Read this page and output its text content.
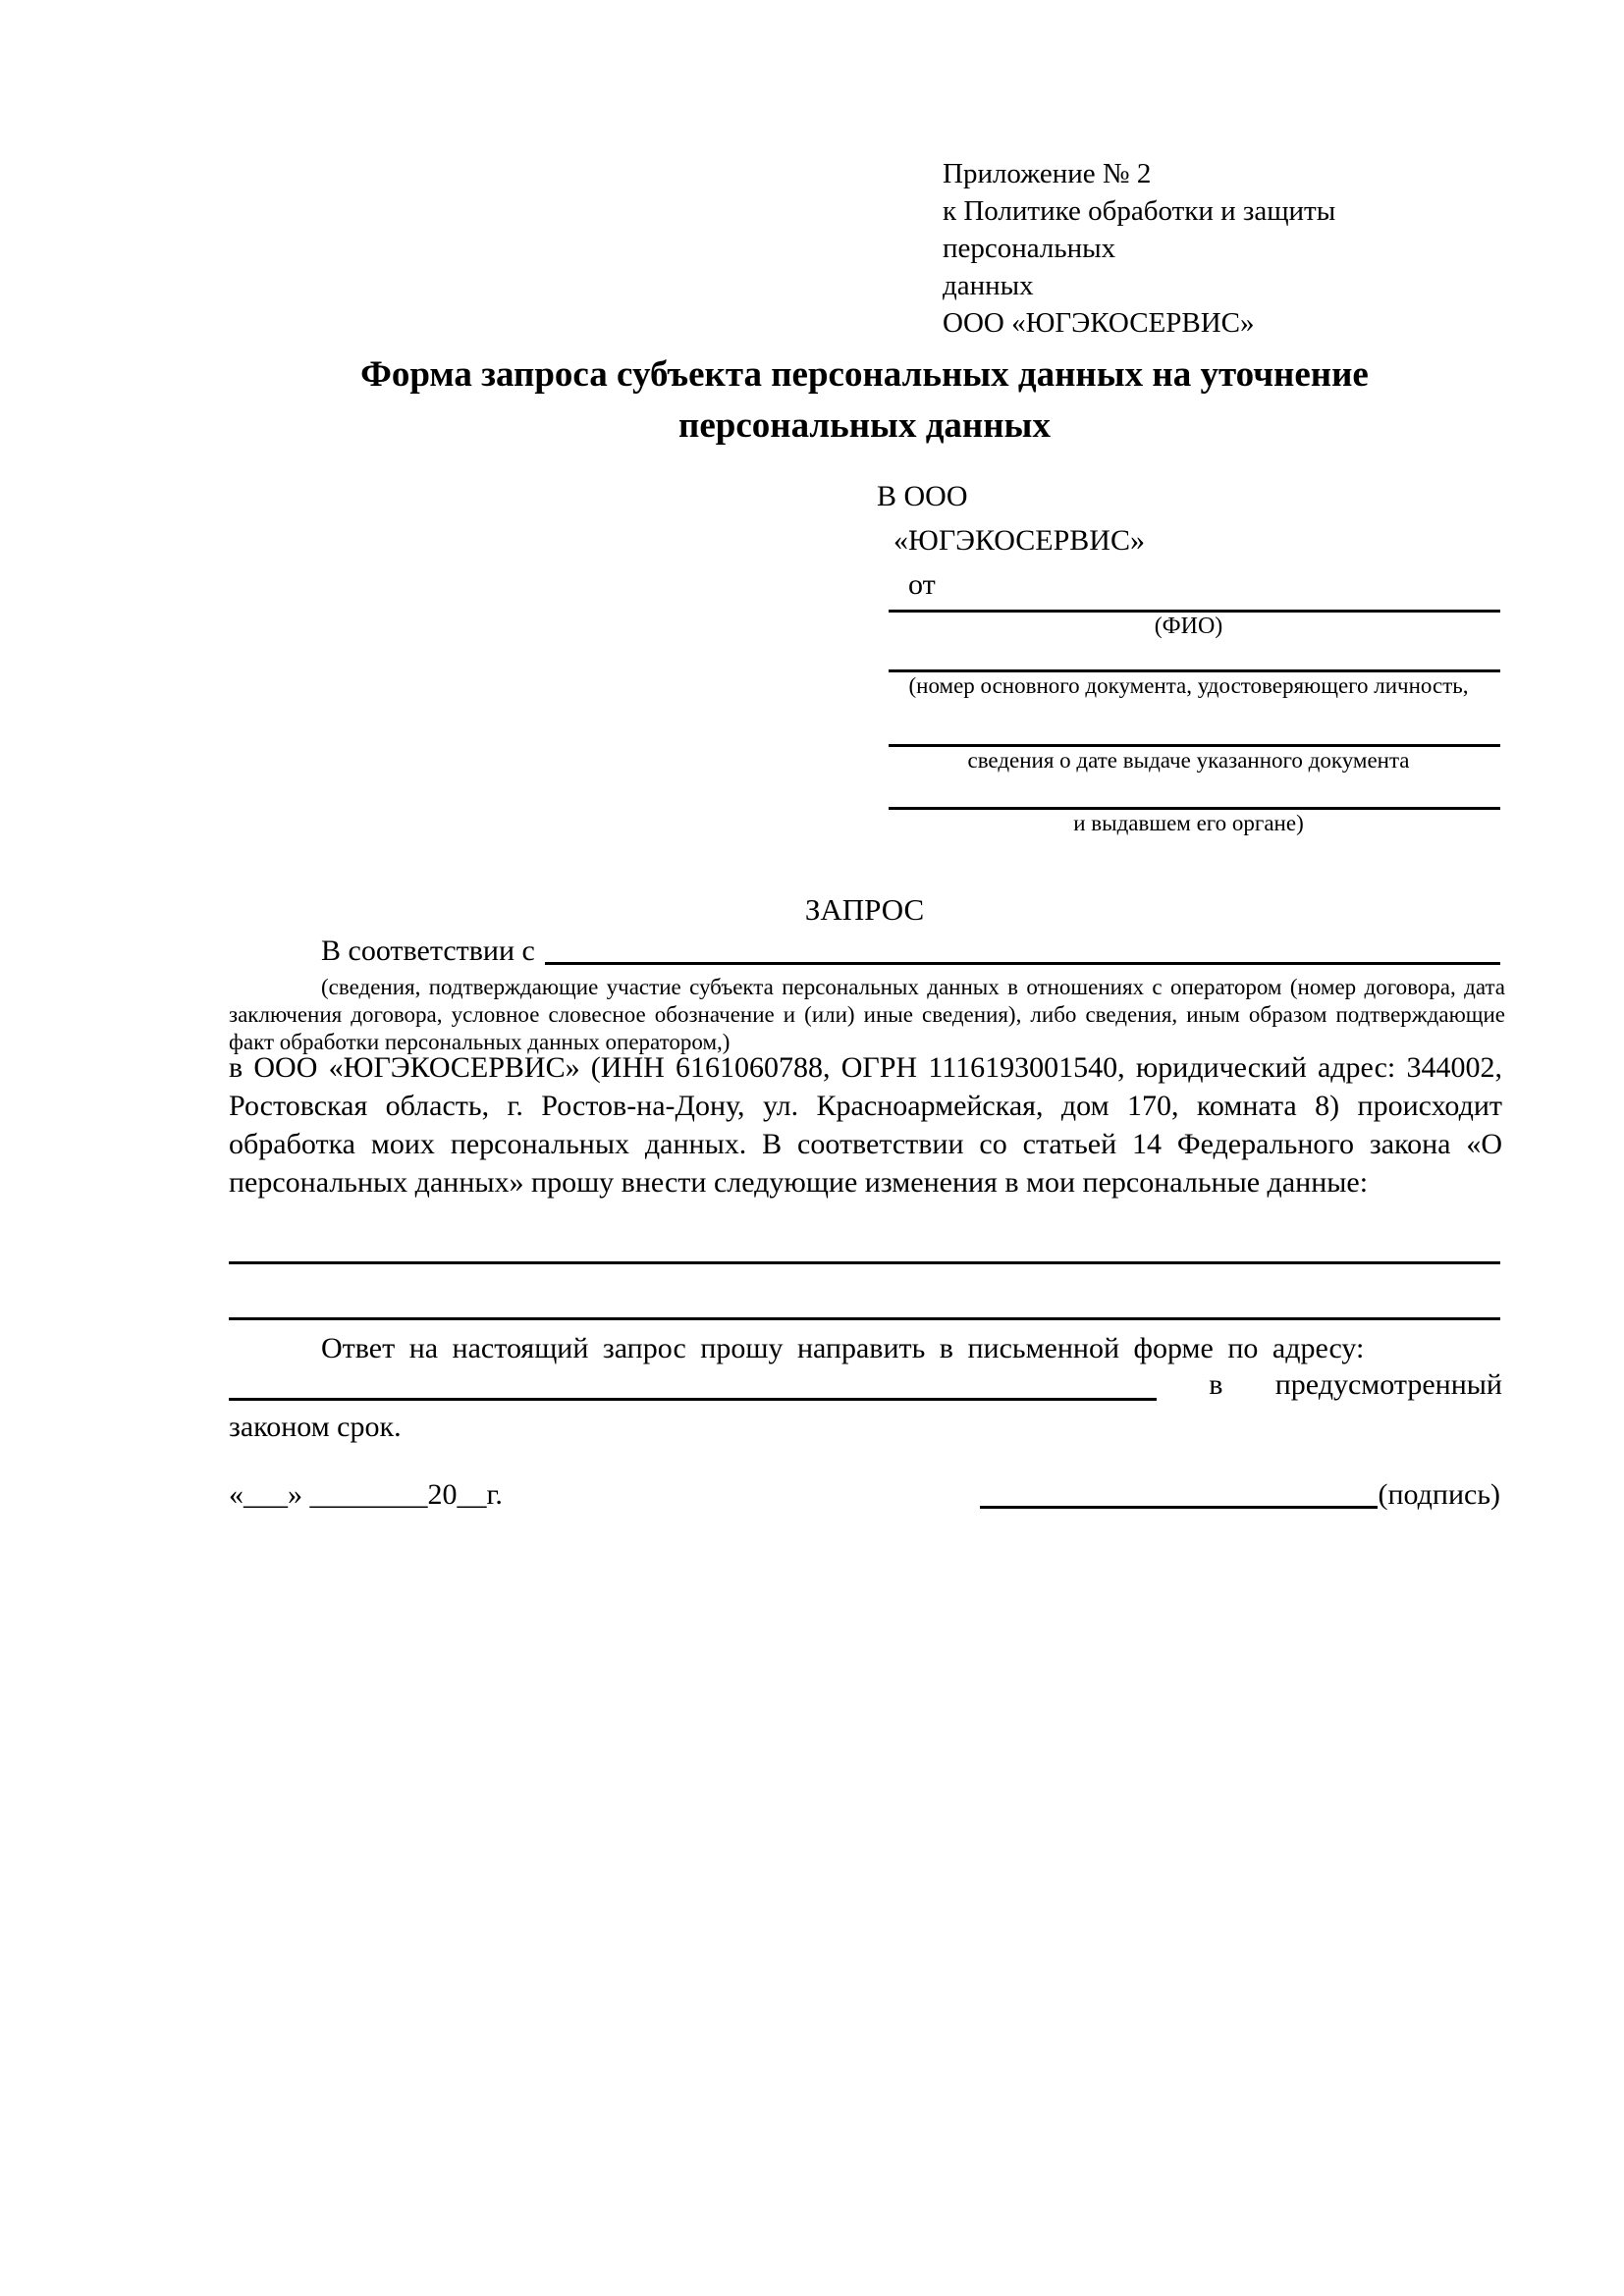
Приложение № 2
к Политике обработки и защиты персональных
данных
ООО «ЮГЭКОСЕРВИС»
Форма запроса субъекта персональных данных на уточнение
персональных данных
В ООО
«ЮГЭКОСЕРВИС»
от
(ФИО)
(номер основного документа, удостоверяющего личность,
сведения о дате выдаче указанного документа
и выдавшем его органе)
ЗАПРОС
В соответствии с
(сведения, подтверждающие участие субъекта персональных данных в отношениях с оператором (номер договора, дата заключения договора, условное словесное обозначение и (или) иные сведения), либо сведения, иным образом подтверждающие факт обработки персональных данных оператором,)
в ООО «ЮГЭКОСЕРВИС» (ИНН 6161060788, ОГРН 1116193001540, юридический адрес: 344002, Ростовская область, г. Ростов-на-Дону, ул. Красноармейская, дом 170, комната 8) происходит обработка моих персональных данных. В соответствии со статьей 14 Федерального закона «О персональных данных» прошу внести следующие изменения в мои персональные данные:
Ответ на настоящий запрос прошу направить в письменной форме по адресу:
в предусмотренный
законом срок.
«___» ________20__г.	(подпись)
